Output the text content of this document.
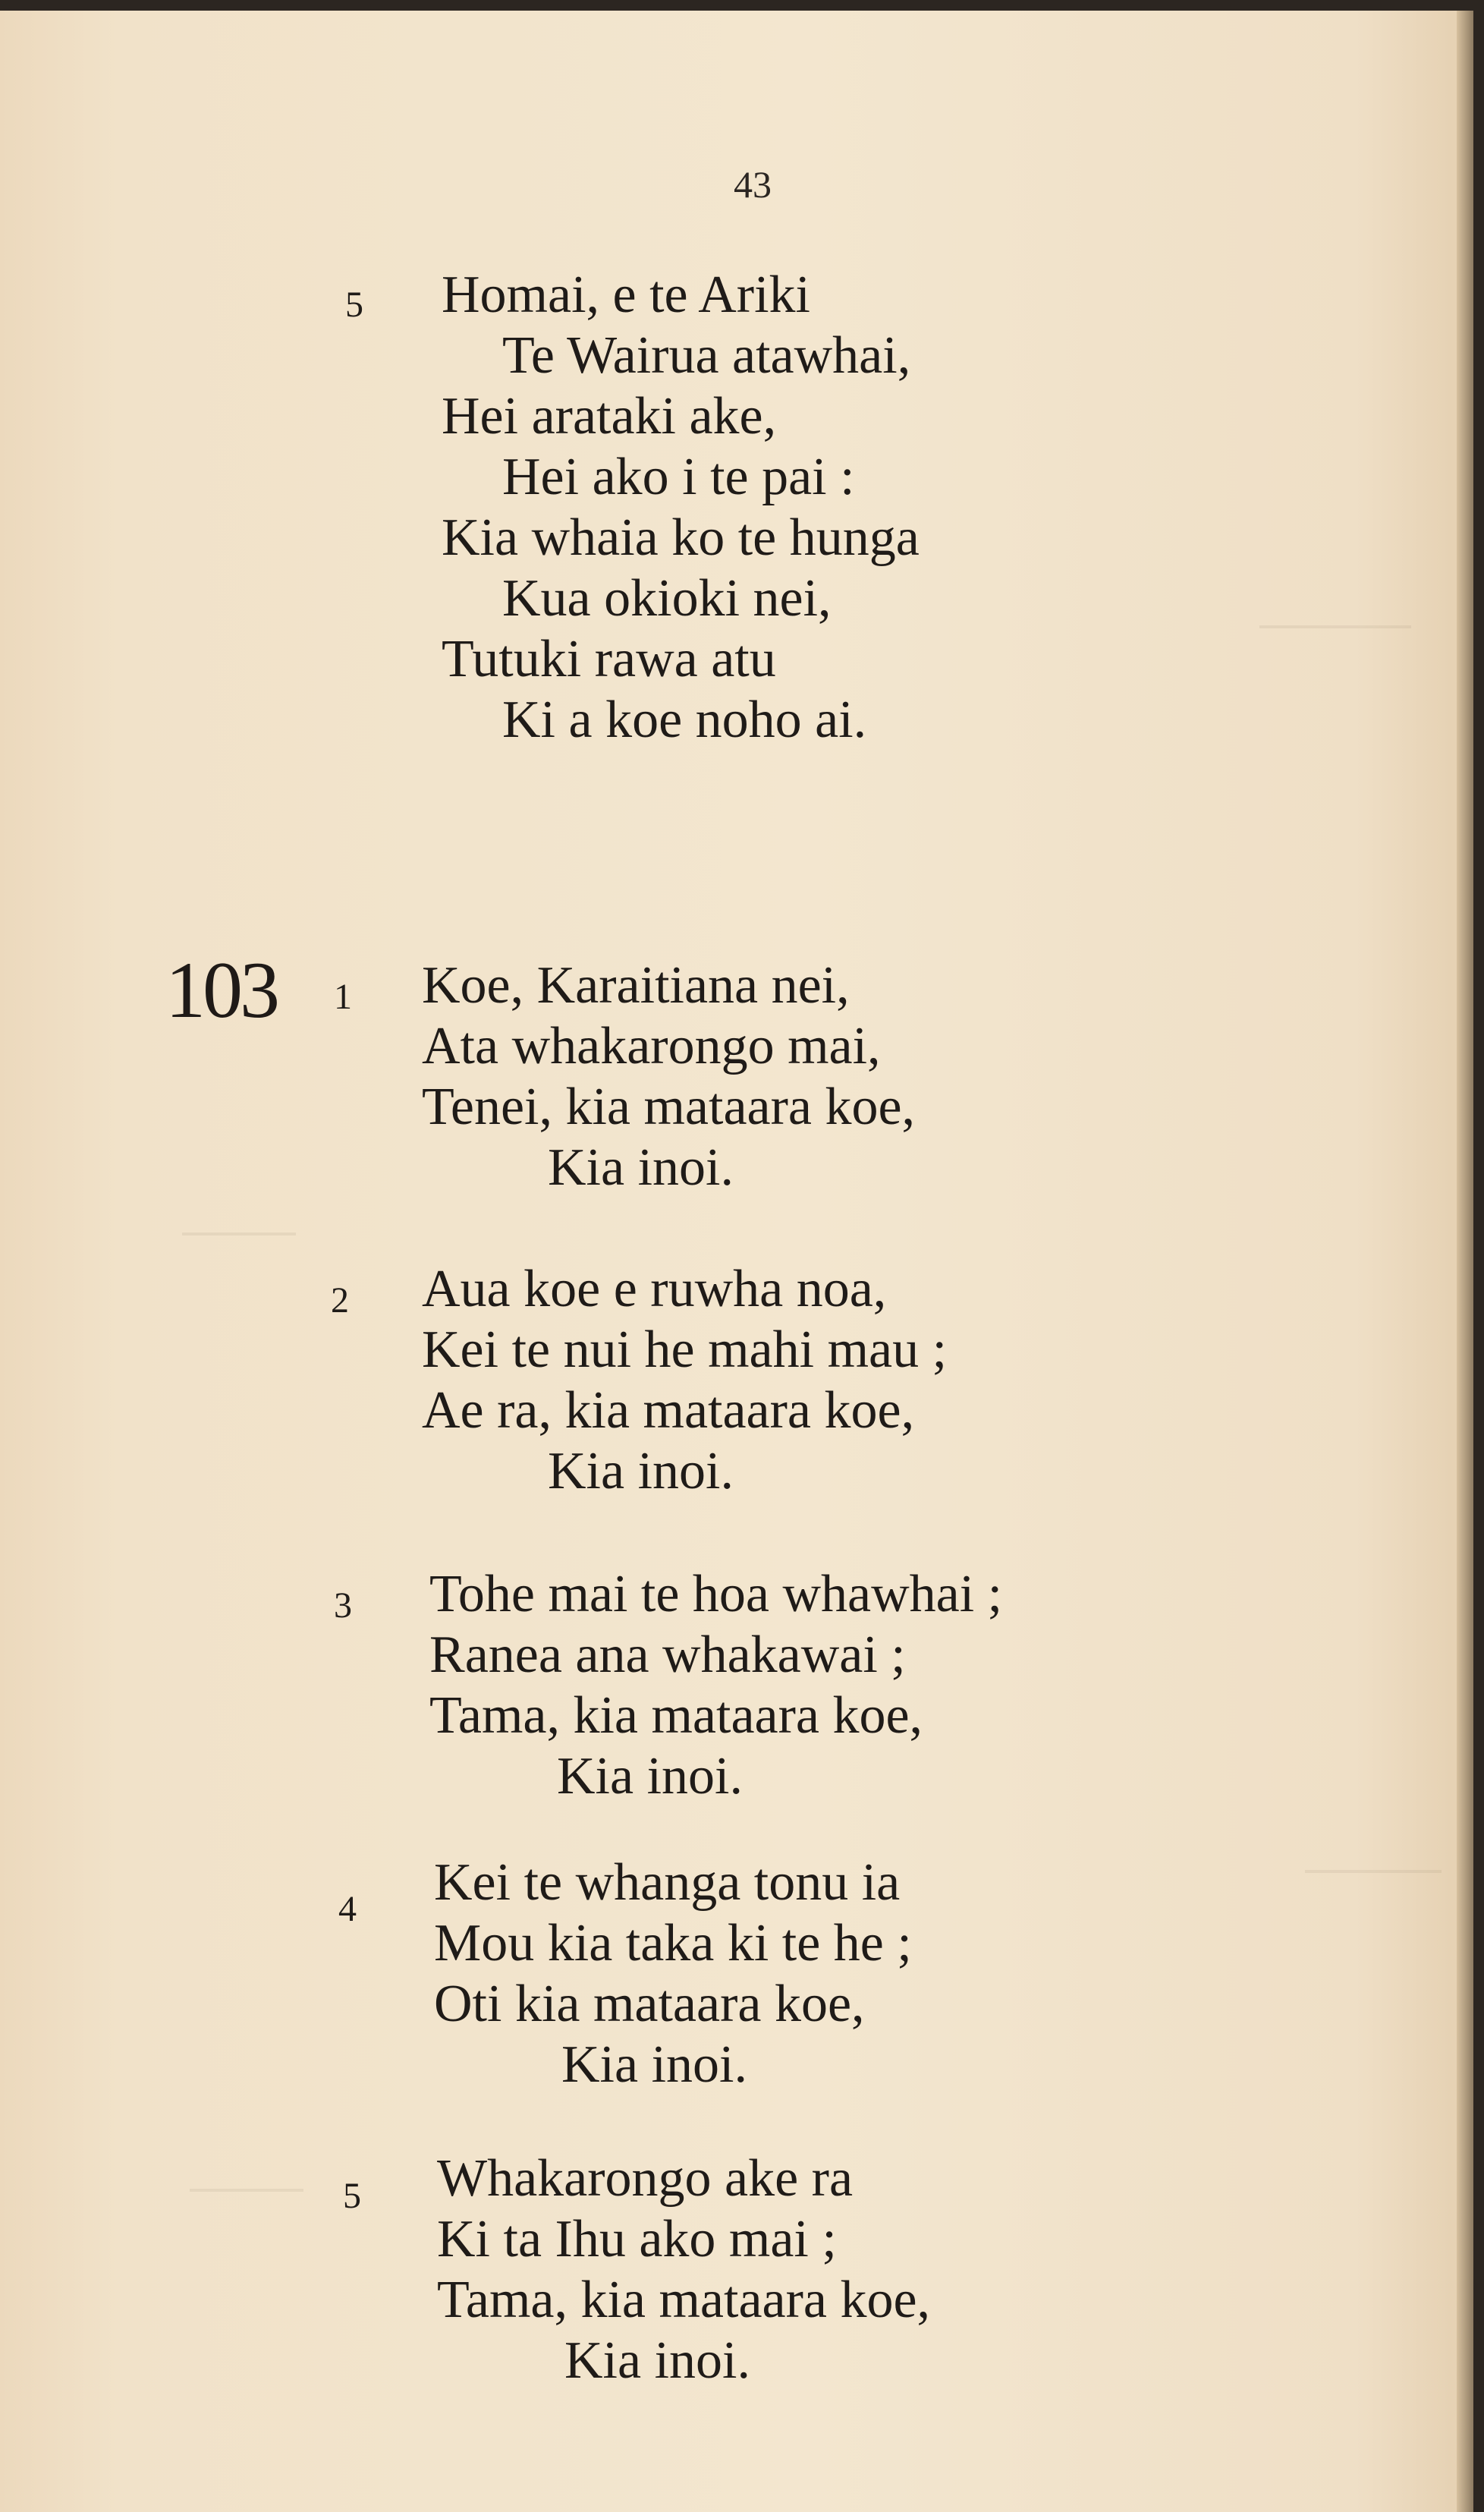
43
5 Homai, e te Ariki
Te Wairua atawhai,
Hei arataki ake,
Hei ako i te pai :
Kia whaia ko te hunga
Kua okioki nei,
Tutuki rawa atu
Ki a koe noho ai.
103 1 Koe, Karaitiana nei,
Ata whakarongo mai,
Tenei, kia mataara koe,
Kia inoi.
2 Aua koe e ruwha noa,
Kei te nui he mahi mau ;
Ae ra, kia mataara koe,
Kia inoi.
3 Tohe mai te hoa whawhai ;
Ranea ana whakawai ;
Tama, kia mataara koe,
Kia inoi.
4 Kei te whanga tonu ia
Mou kia taka ki te he ;
Oti kia mataara koe,
Kia inoi.
5 Whakarongo ake ra
Ki ta Ihu ako mai ;
Tama, kia mataara koe,
Kia inoi.
